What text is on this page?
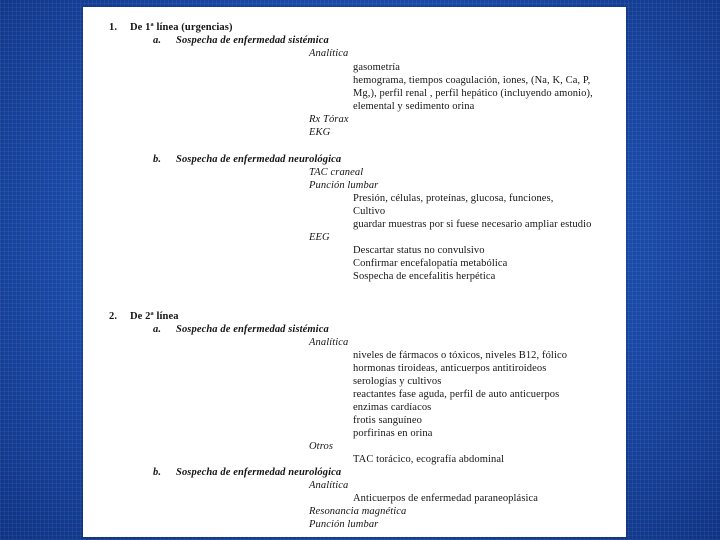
1. De 1ª línea (urgencias)
a. Sospecha de enfermedad sistémica
Analítica
gasometría
hemograma, tiempos coagulación, iones, (Na, K, Ca, P,
Mg,), perfil renal , perfil hepático (incluyendo amonio),
elemental y sedimento orina
Rx Tórax
EKG
b. Sospecha de enfermedad neurológica
TAC craneal
Punción lumbar
Presión, células, proteínas, glucosa, funciones,
Cultivo
guardar muestras por si fuese necesario ampliar estudio
EEG
Descartar status no convulsivo
Confirmar encefalopatía metabólica
Sospecha de encefalitis herpética
2. De 2ª línea
a. Sospecha de enfermedad sistémica
Analítica
niveles de fármacos o tóxicos, niveles B12, fólico
hormonas tiroideas, anticuerpos antitiroideos
serologías y cultivos
reactantes fase aguda, perfil de auto anticuerpos
enzimas cardíacos
frotis sanguíneo
porfirinas en orina
Otros
TAC torácico, ecografía abdominal
b. Sospecha de enfermedad neurológica
Analítica
Anticuerpos de enfermedad paraneoplásica
Resonancia magnética
Punción lumbar
